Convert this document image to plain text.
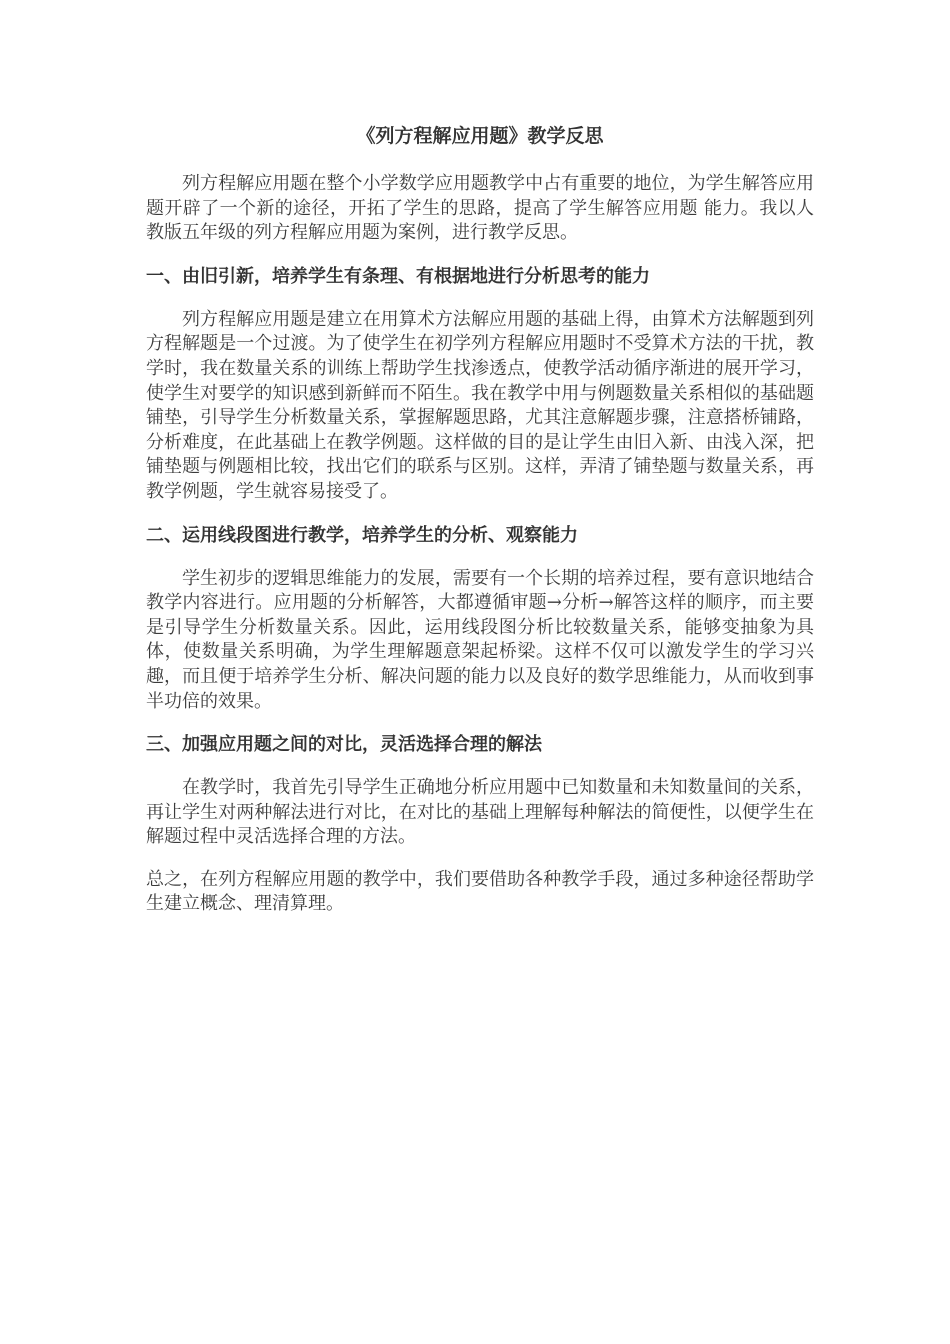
《列方程解应用题》教学反思

列方程解应用题在整个小学数学应用题教学中占有重要的地位，为学生解答应用题开辟了一个新的途径，开拓了学生的思路，提高了学生解答应用题 能力。我以人教版五年级的列方程解应用题为案例，进行教学反思。

一、由旧引新，培养学生有条理、有根据地进行分析思考的能力

列方程解应用题是建立在用算术方法解应用题的基础上得，由算术方法解题到列方程解题是一个过渡。为了使学生在初学列方程解应用题时不受算术方法的干扰，教学时，我在数量关系的训练上帮助学生找渗透点，使教学活动循序渐进的展开学习，使学生对要学的知识感到新鲜而不陌生。我在教学中用与例题数量关系相似的基础题铺垫，引导学生分析数量关系，掌握解题思路，尤其注意解题步骤，注意搭桥铺路，分析难度，在此基础上在教学例题。这样做的目的是让学生由旧入新、由浅入深，把铺垫题与例题相比较，找出它们的联系与区别。这样，弄清了铺垫题与数量关系，再教学例题，学生就容易接受了。

二、运用线段图进行教学，培养学生的分析、观察能力

学生初步的逻辑思维能力的发展，需要有一个长期的培养过程，要有意识地结合教学内容进行。应用题的分析解答，大都遵循审题→分析→解答这样的顺序，而主要是引导学生分析数量关系。因此，运用线段图分析比较数量关系，能够变抽象为具体，使数量关系明确，为学生理解题意架起桥梁。这样不仅可以激发学生的学习兴趣，而且便于培养学生分析、解决问题的能力以及良好的数学思维能力，从而收到事半功倍的效果。

三、加强应用题之间的对比，灵活选择合理的解法

在教学时，我首先引导学生正确地分析应用题中已知数量和未知数量间的关系，再让学生对两种解法进行对比，在对比的基础上理解每种解法的简便性，以便学生在解题过程中灵活选择合理的方法。

总之，在列方程解应用题的教学中，我们要借助各种教学手段，通过多种途径帮助学生建立概念、理清算理。
